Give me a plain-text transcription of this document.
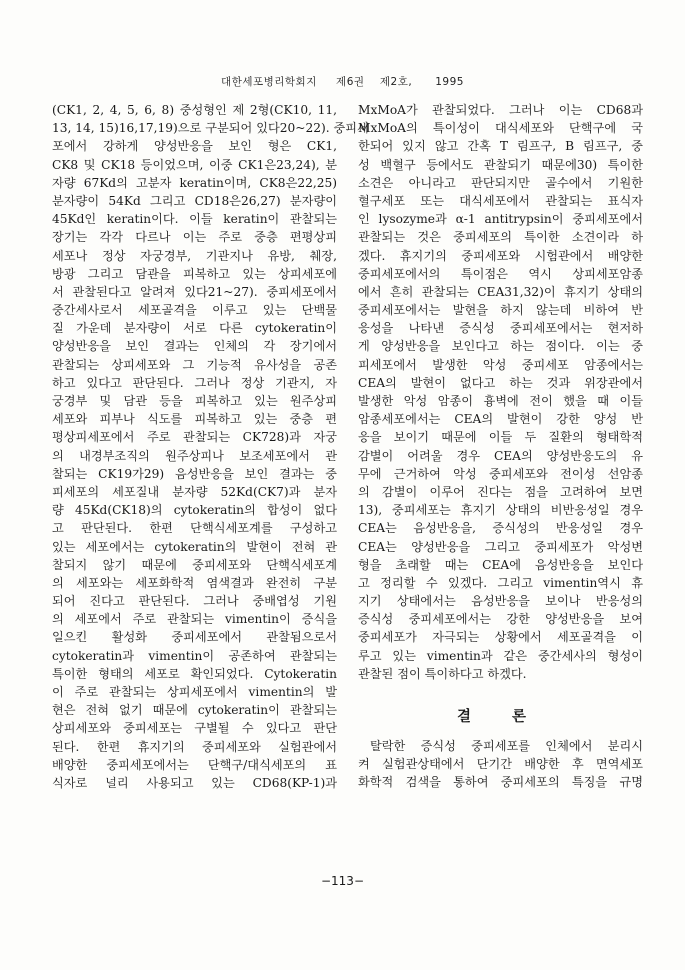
대한세포병리학회지 제6권 제2호, 1995
(CK1, 2, 4, 5, 6, 8) 중성형인 제 2형(CK10, 11,
13, 14, 15)16,17,19)으로 구분되어 있다20~22). 중피세
포에서 강하게 양성반응을 보인 형은 CK1,
CK8 및 CK18 등이었으며, 이중 CK1은23,24), 분
자량 67Kd의 고분자 keratin이며, CK8은22,25)
분자량이 54Kd 그리고 CD18은26,27) 분자량이
45Kd인 keratin이다. 이들 keratin이 관찰되는
장기는 각각 다르나 이는 주로 중층 편평상피
세포나 정상 자궁경부, 기관지나 유방, 췌장,
방광 그리고 담관을 피복하고 있는 상피세포에
서 관찰된다고 알려져 있다21~27). 중피세포에서
중간세사로서 세포골격을 이루고 있는 단백물
질 가운데 분자량이 서로 다른 cytokeratin이
양성반응을 보인 결과는 인체의 각 장기에서
관찰되는 상피세포와 그 기능적 유사성을 공존
하고 있다고 판단된다. 그러나 정상 기관지, 자
궁경부 및 담관 등을 피복하고 있는 원주상피
세포와 피부나 식도를 피복하고 있는 중층 편
평상피세포에서 주로 관찰되는 CK728)과 자궁
의 내경부조직의 원주상피나 보조세포에서 관
찰되는 CK19가29) 음성반응을 보인 결과는 중
피세포의 세포질내 분자량 52Kd(CK7)과 분자
량 45Kd(CK18)의 cytokeratin의 합성이 없다
고 판단된다. 한편 단핵식세포계를 구성하고
있는 세포에서는 cytokeratin의 발현이 전혀 관
찰되지 않기 때문에 중피세포와 단핵식세포계
의 세포와는 세포화학적 염색결과 완전히 구분
되어 진다고 판단된다. 그러나 중배엽성 기원
의 세포에서 주로 관찰되는 vimentin이 증식을
일으킨 활성화 중피세포에서 관찰됨으로서
cytokeratin과 vimentin이 공존하여 관찰되는
특이한 형태의 세포로 확인되었다. Cytokeratin
이 주로 관찰되는 상피세포에서 vimentin의 발
현은 전혀 없기 때문에 cytokeratin이 관찰되는
상피세포와 중피세포는 구별될 수 있다고 판단
된다. 한편 휴지기의 중피세포와 실험관에서
배양한 중피세포에서는 단핵구/대식세포의 표
식자로 널리 사용되고 있는 CD68(KP-1)과
MxMoA가 관찰되었다. 그러나 이는 CD68과
MxMoA의 특이성이 대식세포와 단핵구에 국
한되어 있지 않고 간혹 T 림프구, B 림프구, 중
성 백혈구 등에서도 관찰되기 때문에30) 특이한
소견은 아니라고 판단되지만 골수에서 기원한
혈구세포 또는 대식세포에서 관찰되는 표식자
인 lysozyme과 α-1 antitrypsin이 중피세포에서
관찰되는 것은 중피세포의 특이한 소견이라 하
겠다. 휴지기의 중피세포와 시험관에서 배양한
중피세포에서의 특이점은 역시 상피세포암종
에서 흔히 관찰되는 CEA31,32)이 휴지기 상태의
중피세포에서는 발현을 하지 않는데 비하여 반
응성을 나타낸 증식성 중피세포에서는 현저하
게 양성반응을 보인다고 하는 점이다. 이는 중
피세포에서 발생한 악성 중피세포 암종에서는
CEA의 발현이 없다고 하는 것과 위장관에서
발생한 악성 암종이 흉벽에 전이 했을 때 이들
암종세포에서는 CEA의 발현이 강한 양성 반
응을 보이기 때문에 이들 두 질환의 형태학적
감별이 어려울 경우 CEA의 양성반응도의 유
무에 근거하여 악성 중피세포와 전이성 선암종
의 감별이 이루어 진다는 점을 고려하여 보면
13), 중피세포는 휴지기 상태의 비반응성일 경우
CEA는 음성반응을, 증식성의 반응성일 경우
CEA는 양성반응을 그리고 중피세포가 악성변
형을 초래할 때는 CEA에 음성반응을 보인다
고 정리할 수 있겠다. 그리고 vimentin역시 휴
지기 상태에서는 음성반응을 보이나 반응성의
증식성 중피세포에서는 강한 양성반응을 보여
중피세포가 자극되는 상황에서 세포골격을 이
루고 있는 vimentin과 같은 중간세사의 형성이
관찰된 점이 특이하다고 하겠다.
결 론
탈락한 증식성 중피세포를 인체에서 분리시
켜 실험관상태에서 단기간 배양한 후 면역세포
화학적 검색을 통하여 중피세포의 특징을 규명
−113−
